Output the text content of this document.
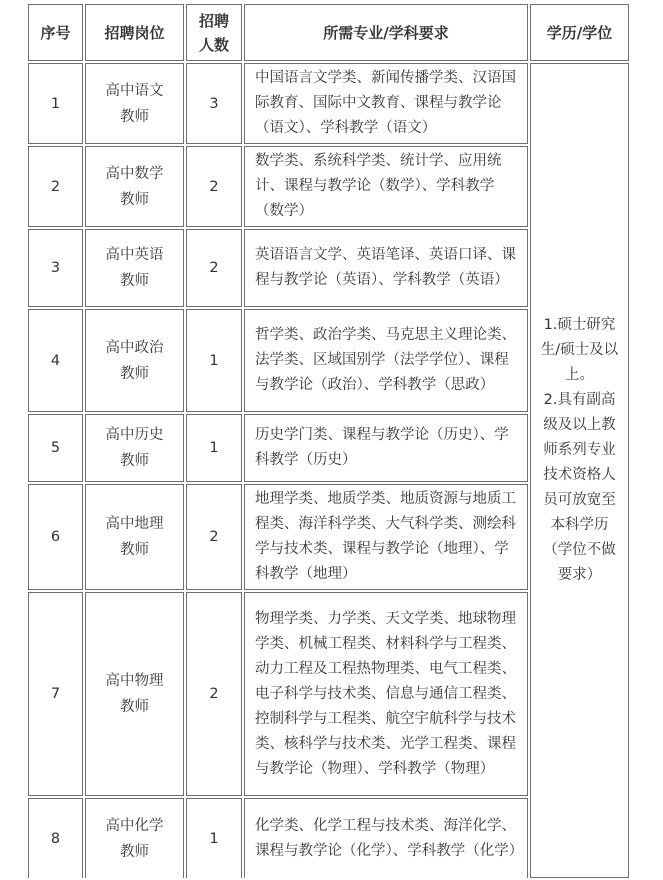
序号	招聘岗位	招聘人数	所需专业/学科要求	学历/学位
1	高中语文教师	3	中国语言文学类、新闻传播学类、汉语国际教育、国际中文教育、课程与教学论（语文）、学科教学（语文）	1.硕士研究生/硕士及以上。
2.具有副高级及以上教师系列专业技术资格人员可放宽至本科学历（学位不做要求）

2	高中数学教师	2	数学类、系统科学类、统计学、应用统计、课程与教学论（数学）、学科教学（数学）	
3	高中英语教师	2	英语语言文学、英语笔译、英语口译、课程与教学论（英语）、学科教学（英语）	
4	高中政治教师	1	哲学类、政治学类、马克思主义理论类、法学类、区域国别学（法学学位）、课程与教学论（政治）、学科教学（思政）	
5	高中历史教师	1	历史学门类、课程与教学论（历史）、学科教学（历史）	
6	高中地理教师	2	地理学类、地质学类、地质资源与地质工程类、海洋科学类、大气科学类、测绘科学与技术类、课程与教学论（地理）、学科教学（地理）	
7	高中物理教师	2	物理学类、力学类、天文学类、地球物理学类、机械工程类、材料科学与工程类、动力工程及工程热物理类、电气工程类、电子科学与技术类、信息与通信工程类、控制科学与工程类、航空宇航科学与技术类、核科学与技术类、光学工程类、课程与教学论（物理）、学科教学（物理）	
8	高中化学教师	1	化学类、化学工程与技术类、海洋化学、课程与教学论（化学）、学科教学（化学）	
